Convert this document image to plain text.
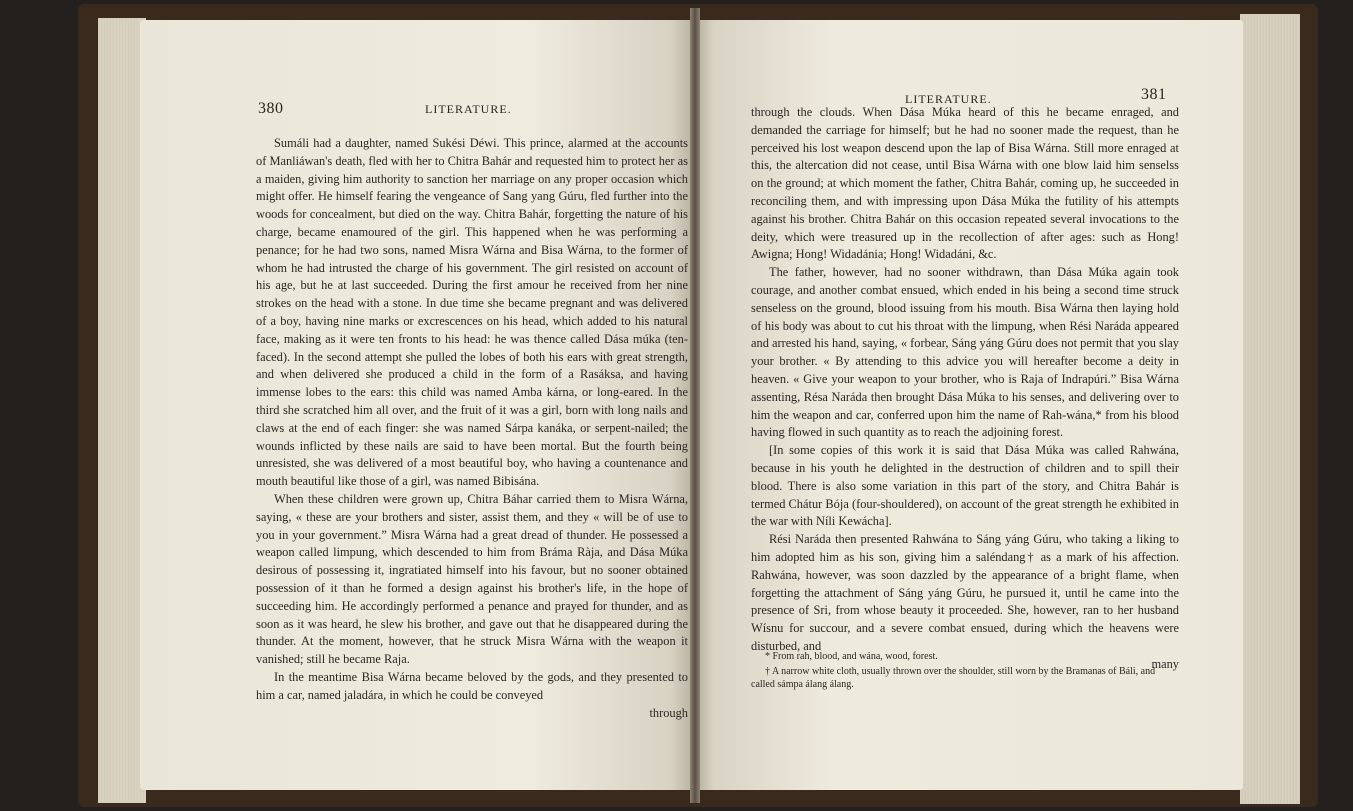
380	LITERATURE.

Sumáli had a daughter, named Sukési Déwi. This prince, alarmed at the accounts of Manliáwan's death, fled with her to Chitra Bahár and requested him to protect her as a maiden, giving him authority to sanction her marriage on any proper occasion which might offer. He himself fearing the vengeance of Sang yang Gúru, fled further into the woods for concealment, but died on the way. Chitra Bahár, forgetting the nature of his charge, became enamoured of the girl. This happened when he was performing a penance; for he had two sons, named Misra Wárna and Bisa Wárna, to the former of whom he had intrusted the charge of his government. The girl resisted on account of his age, but he at last succeeded. During the first amour he received from her nine strokes on the head with a stone. In due time she became pregnant and was delivered of a boy, having nine marks or excrescences on his head, which added to his natural face, making as it were ten fronts to his head: he was thence called Dása múka (ten-faced). In the second attempt she pulled the lobes of both his ears with great strength, and when delivered she produced a child in the form of a Rasáksa, and having immense lobes to the ears: this child was named Amba kárna, or long-eared. In the third she scratched him all over, and the fruit of it was a girl, born with long nails and claws at the end of each finger: she was named Sárpa kanáka, or serpent-nailed; the wounds inflicted by these nails are said to have been mortal. But the fourth being unresisted, she was delivered of a most beautiful boy, who having a countenance and mouth beautiful like those of a girl, was named Bibisána.

When these children were grown up, Chitra Báhar carried them to Misra Wárna, saying, « these are your brothers and sister, assist them, and they « will be of use to you in your government.” Misra Wárna had a great dread of thunder. He possessed a weapon called limpung, which descended to him from Bráma Ràja, and Dása Múka desirous of possessing it, ingratiated himself into his favour, but no sooner obtained possession of it than he formed a design against his brother's life, in the hope of succeeding him. He accordingly performed a penance and prayed for thunder, and as soon as it was heard, he slew his brother, and gave out that he disappeared during the thunder. At the moment, however, that he struck Misra Wárna with the weapon it vanished; still he became Raja.

In the meantime Bisa Wárna became beloved by the gods, and they presented to him a car, named jaladára, in which he could be conveyed

through
LITERATURE.	381

through the clouds. When Dása Múka heard of this he became enraged, and demanded the carriage for himself; but he had no sooner made the request, than he perceived his lost weapon descend upon the lap of Bisa Wárna. Still more enraged at this, the altercation did not cease, until Bisa Wárna with one blow laid him senselss on the ground; at which moment the father, Chitra Bahár, coming up, he succeeded in reconciling them, and with impressing upon Dása Múka the futility of his attempts against his brother. Chitra Bahár on this occasion repeated several invocations to the deity, which were treasured up in the recollection of after ages: such as Hong! Awigna; Hong! Widadánia; Hong! Widadáni, &c.

The father, however, had no sooner withdrawn, than Dása Múka again took courage, and another combat ensued, which ended in his being a second time struck senseless on the ground, blood issuing from his mouth. Bisa Wárna then laying hold of his body was about to cut his throat with the limpung, when Rési Naráda appeared and arrested his hand, saying, « forbear, Sáng yáng Gúru does not permit that you slay your brother. « By attending to this advice you will hereafter become a deity in heaven. « Give your weapon to your brother, who is Raja of Indrapúri.” Bisa Wárna assenting, Résa Naráda then brought Dása Múka to his senses, and delivering over to him the weapon and car, conferred upon him the name of Rah-wána,* from his blood having flowed in such quantity as to reach the adjoining forest.

[In some copies of this work it is said that Dása Múka was called Rahwána, because in his youth he delighted in the destruction of children and to spill their blood. There is also some variation in this part of the story, and Chitra Bahár is termed Chátur Bója (four-shouldered), on account of the great strength he exhibited in the war with Níli Kewácha].

Rési Naráda then presented Rahwána to Sáng yáng Gúru, who taking a liking to him adopted him as his son, giving him a saléndang† as a mark of his affection. Rahwána, however, was soon dazzled by the appearance of a bright flame, when forgetting the attachment of Sáng yáng Gúru, he pursued it, until he came into the presence of Sri, from whose beauty it proceeded. She, however, ran to her husband Wísnu for succour, and a severe combat ensued, during which the heavens were disturbed, and

many

* From rah, blood, and wána, wood, forest.

† A narrow white cloth, usually thrown over the shoulder, still worn by the Bramanas of Báli, and called sámpa álang álang.
